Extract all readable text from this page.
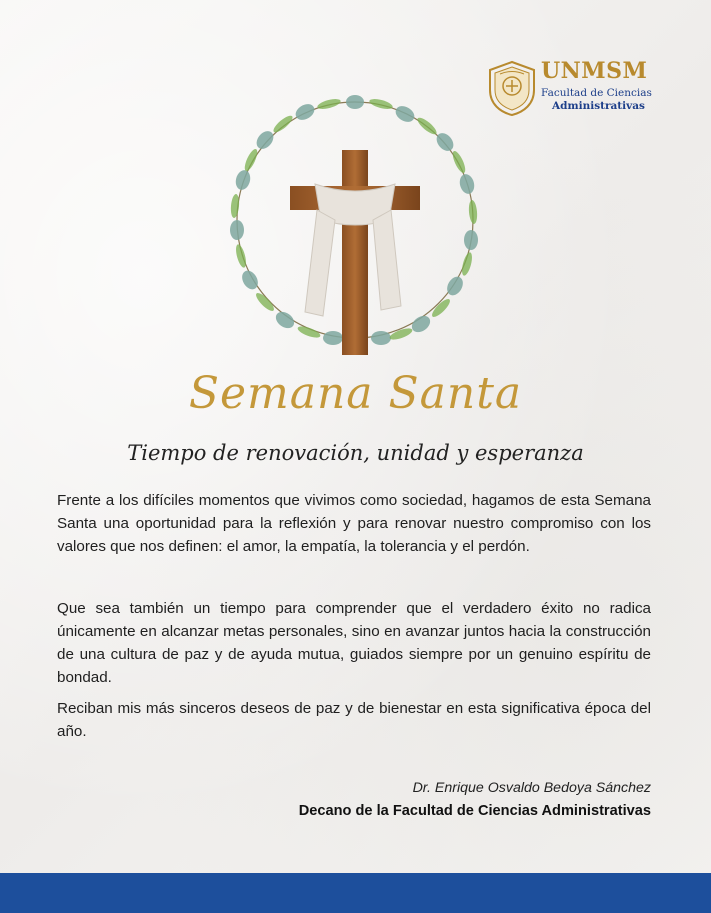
UNMSM
Facultad de Ciencias
Administrativas
Semana Santa
Tiempo de renovación, unidad y esperanza

Frente a los difíciles momentos que vivimos como sociedad, hagamos de esta Semana Santa una oportunidad para la reflexión y para renovar nuestro compromiso con los valores que nos definen: el amor, la empatía, la tolerancia y el perdón.

Que sea también un tiempo para comprender que el verdadero éxito no radica únicamente en alcanzar metas personales, sino en avanzar juntos hacia la construcción de una cultura de paz y de ayuda mutua, guiados siempre por un genuino espíritu de bondad.

Reciban mis más sinceros deseos de paz y de bienestar en esta significativa época del año.

Dr. Enrique Osvaldo Bedoya Sánchez
Decano de la Facultad de Ciencias Administrativas
